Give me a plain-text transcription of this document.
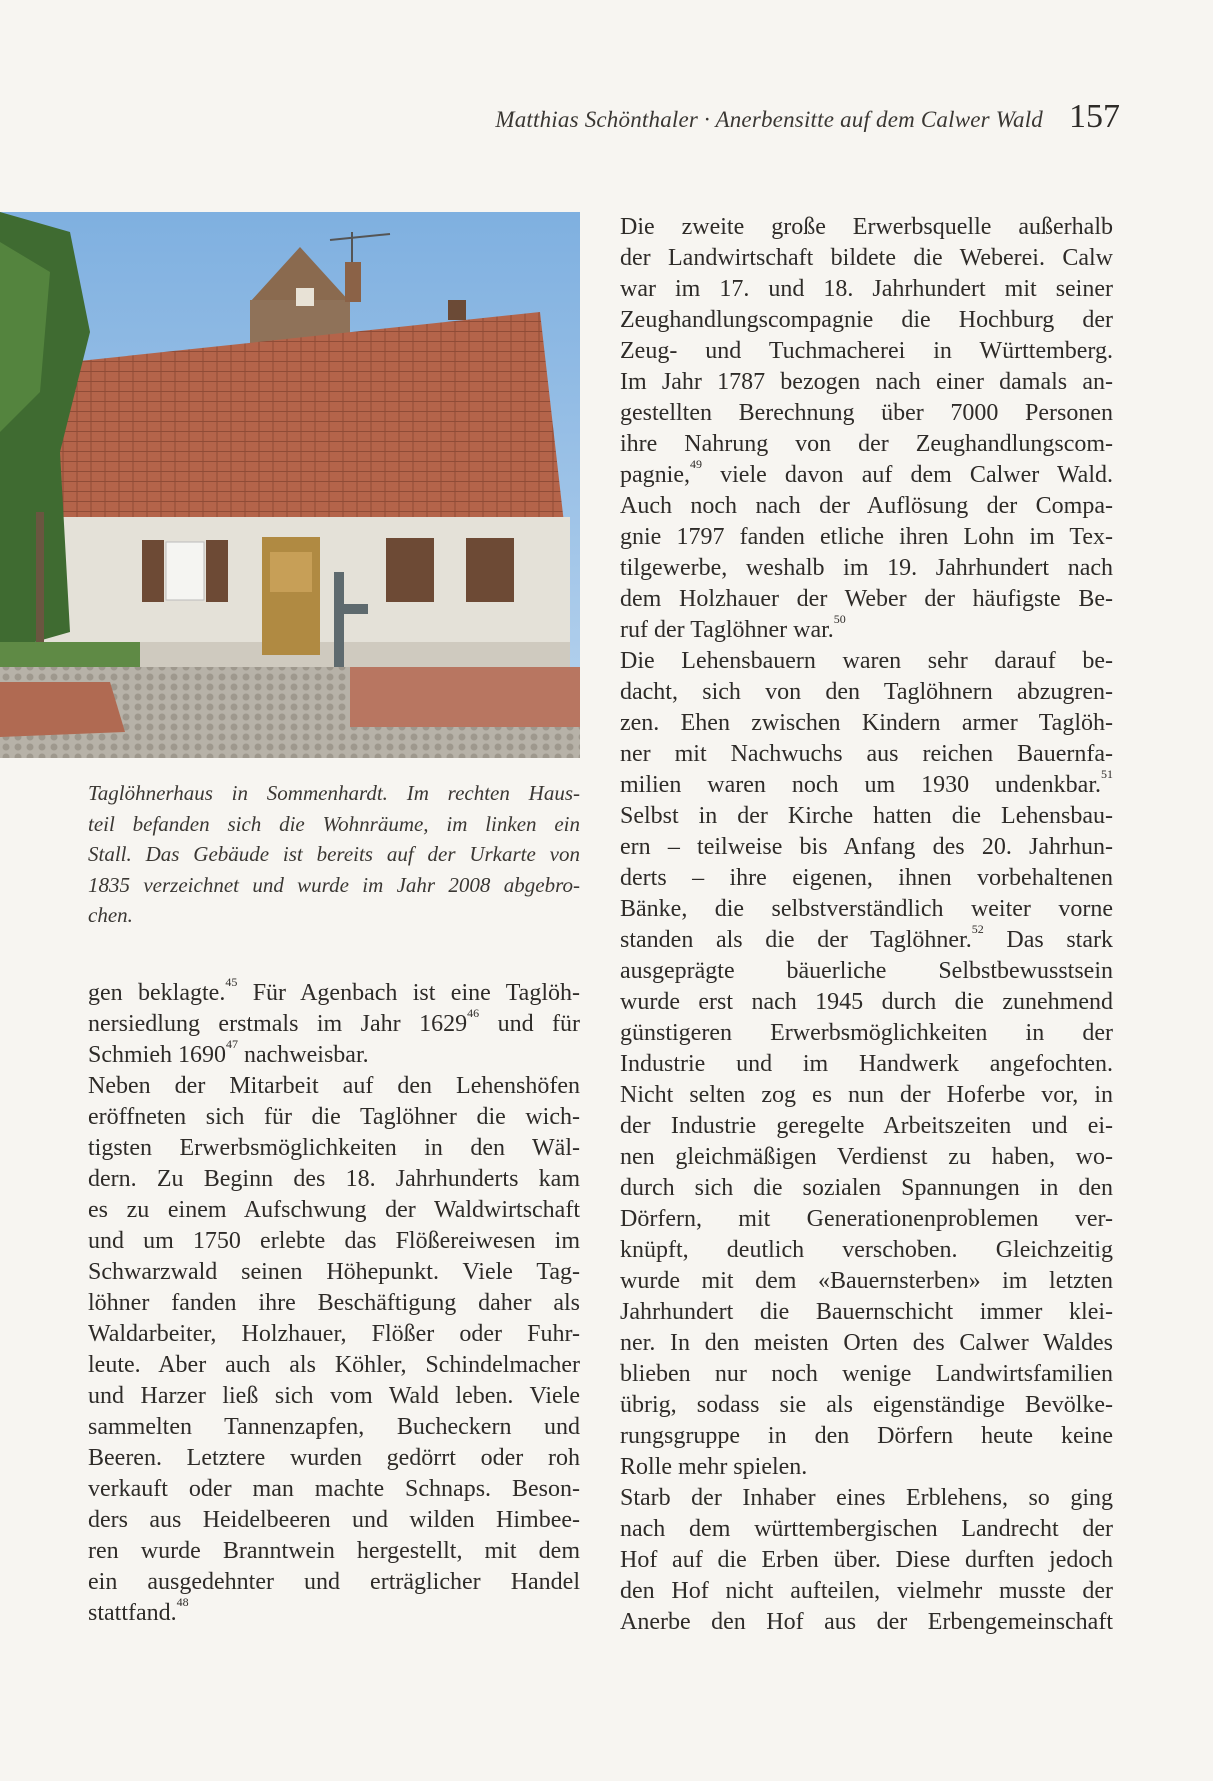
Matthias Schönthaler · Anerbensitte auf dem Calwer Wald 157
Taglöhnerhaus in Sommenhardt. Im rechten Haus-
teil befanden sich die Wohnräume, im linken ein
Stall. Das Gebäude ist bereits auf der Urkarte von
1835 verzeichnet und wurde im Jahr 2008 abgebro-
chen.
gen beklagte.$^{45}$ Für Agenbach ist eine Taglöh-
nersiedlung erstmals im Jahr 1629$^{46}$ und für
Schmieh 1690$^{47}$ nachweisbar.
Neben der Mitarbeit auf den Lehenshöfen
eröffneten sich für die Taglöhner die wich-
tigsten Erwerbsmöglichkeiten in den Wäl-
dern. Zu Beginn des 18. Jahrhunderts kam
es zu einem Aufschwung der Waldwirtschaft
und um 1750 erlebte das Flößereiwesen im
Schwarzwald seinen Höhepunkt. Viele Tag-
löhner fanden ihre Beschäftigung daher als
Waldarbeiter, Holzhauer, Flößer oder Fuhr-
leute. Aber auch als Köhler, Schindelmacher
und Harzer ließ sich vom Wald leben. Viele
sammelten Tannenzapfen, Bucheckern und
Beeren. Letztere wurden gedörrt oder roh
verkauft oder man machte Schnaps. Beson-
ders aus Heidelbeeren und wilden Himbee-
ren wurde Branntwein hergestellt, mit dem
ein ausgedehnter und erträglicher Handel
stattfand.$^{48}$
Die zweite große Erwerbsquelle außerhalb
der Landwirtschaft bildete die Weberei. Calw
war im 17. und 18. Jahrhundert mit seiner
Zeughandlungscompagnie die Hochburg der
Zeug- und Tuchmacherei in Württemberg.
Im Jahr 1787 bezogen nach einer damals an-
gestellten Berechnung über 7000 Personen
ihre Nahrung von der Zeughandlungscom-
pagnie,$^{49}$ viele davon auf dem Calwer Wald.
Auch noch nach der Auflösung der Compa-
gnie 1797 fanden etliche ihren Lohn im Tex-
tilgewerbe, weshalb im 19. Jahrhundert nach
dem Holzhauer der Weber der häufigste Be-
ruf der Taglöhner war.$^{50}$
Die Lehensbauern waren sehr darauf be-
dacht, sich von den Taglöhnern abzugren-
zen. Ehen zwischen Kindern armer Taglöh-
ner mit Nachwuchs aus reichen Bauernfa-
milien waren noch um 1930 undenkbar.$^{51}$
Selbst in der Kirche hatten die Lehensbau-
ern – teilweise bis Anfang des 20. Jahrhun-
derts – ihre eigenen, ihnen vorbehaltenen
Bänke, die selbstverständlich weiter vorne
standen als die der Taglöhner.$^{52}$ Das stark
ausgeprägte bäuerliche Selbstbewusstsein
wurde erst nach 1945 durch die zunehmend
günstigeren Erwerbsmöglichkeiten in der
Industrie und im Handwerk angefochten.
Nicht selten zog es nun der Hoferbe vor, in
der Industrie geregelte Arbeitszeiten und ei-
nen gleichmäßigen Verdienst zu haben, wo-
durch sich die sozialen Spannungen in den
Dörfern, mit Generationenproblemen ver-
knüpft, deutlich verschoben. Gleichzeitig
wurde mit dem «Bauernsterben» im letzten
Jahrhundert die Bauernschicht immer klei-
ner. In den meisten Orten des Calwer Waldes
blieben nur noch wenige Landwirtsfamilien
übrig, sodass sie als eigenständige Bevölke-
rungsgruppe in den Dörfern heute keine
Rolle mehr spielen.
Starb der Inhaber eines Erblehens, so ging
nach dem württembergischen Landrecht der
Hof auf die Erben über. Diese durften jedoch
den Hof nicht aufteilen, vielmehr musste der
Anerbe den Hof aus der Erbengemeinschaft
